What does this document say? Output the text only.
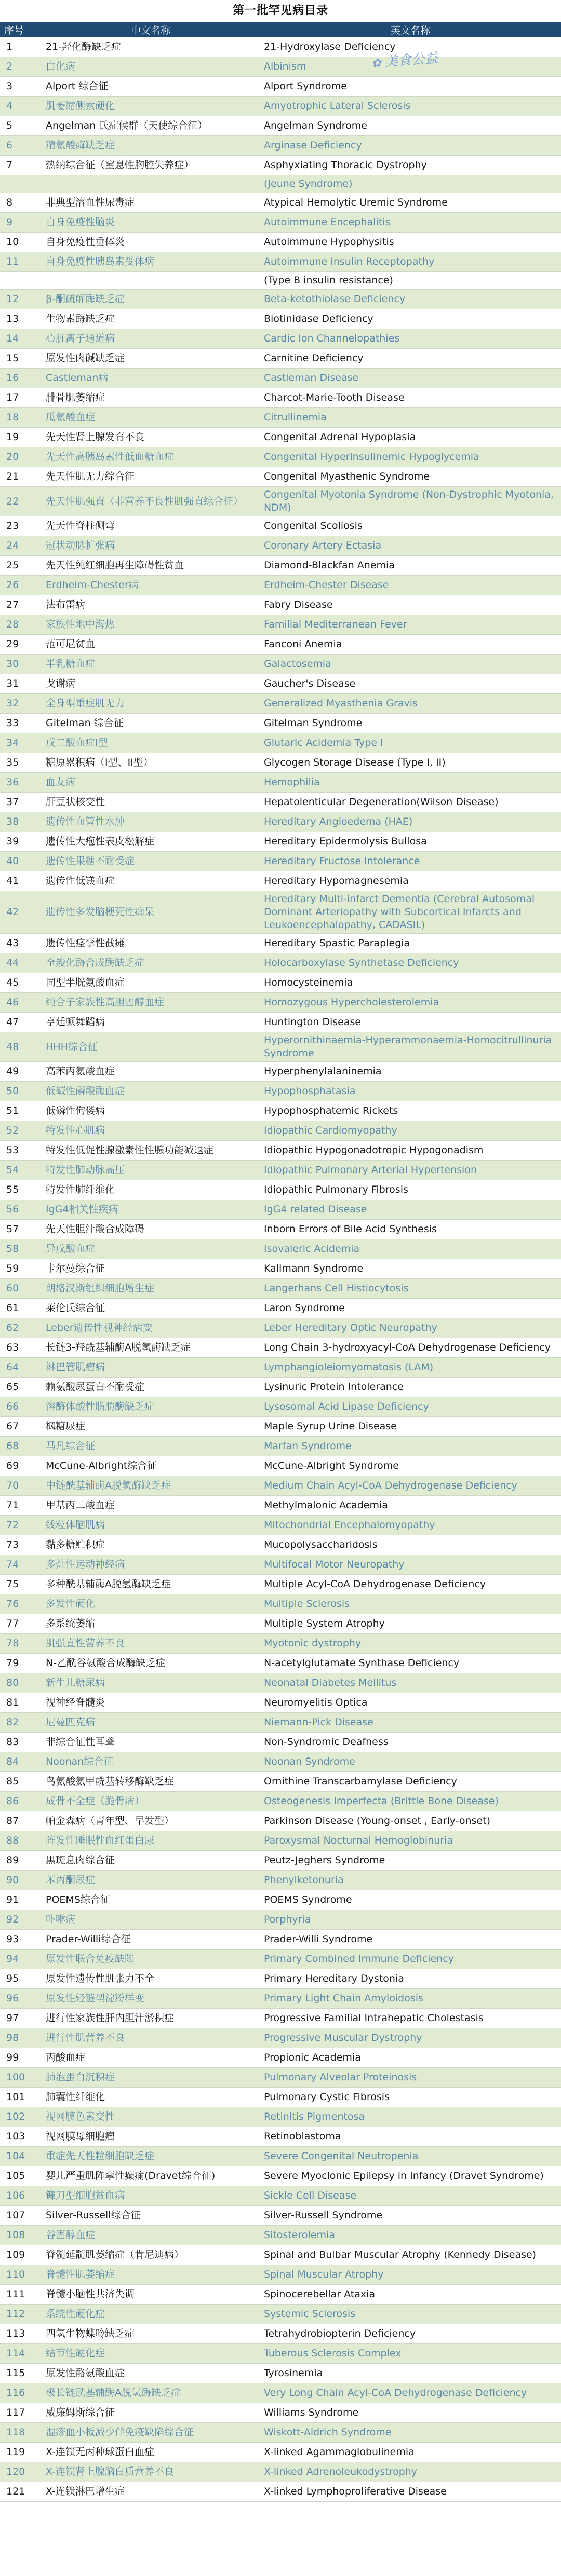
第一批罕见病目录
✿ 美食公益
序号	中文名称	英文名称
1	21-羟化酶缺乏症	21-Hydroxylase Deficiency
2	白化病	Albinism
3	Alport 综合征	Alport Syndrome
4	肌萎缩侧索硬化	Amyotrophic Lateral Sclerosis
5	Angelman 氏症候群（天使综合征）	Angelman Syndrome
6	精氨酸酶缺乏症	Arginase Deficiency
7	热纳综合征（窒息性胸腔失养症）	Asphyxiating Thoracic Dystrophy
		(Jeune Syndrome)
8	非典型溶血性尿毒症	Atypical Hemolytic Uremic Syndrome
9	自身免疫性脑炎	Autoimmune Encephalitis
10	自身免疫性垂体炎	Autoimmune Hypophysitis
11	自身免疫性胰岛素受体病	Autoimmune Insulin Receptopathy
		(Type B insulin resistance)
12	β-酮硫解酶缺乏症	Beta-ketothiolase Deficiency
13	生物素酶缺乏症	Biotinidase Deficiency
14	心脏离子通道病	Cardic Ion Channelopathies
15	原发性肉碱缺乏症	Carnitine Deficiency
16	Castleman病	Castleman Disease
17	腓骨肌萎缩症	Charcot-Marie-Tooth Disease
18	瓜氨酸血症	Citrullinemia
19	先天性肾上腺发育不良	Congenital Adrenal Hypoplasia
20	先天性高胰岛素性低血糖血症	Congenital Hyperinsulinemic Hypoglycemia
21	先天性肌无力综合征	Congenital Myasthenic Syndrome
22	先天性肌强直（非营养不良性肌强直综合征）	Congenital Myotonia Syndrome (Non-Dystrophic Myotonia, NDM)
23	先天性脊柱侧弯	Congenital Scoliosis
24	冠状动脉扩张病	Coronary Artery Ectasia
25	先天性纯红细胞再生障碍性贫血	Diamond-Blackfan Anemia
26	Erdheim-Chester病	Erdheim-Chester Disease
27	法布雷病	Fabry Disease
28	家族性地中海热	Familial Mediterranean Fever
29	范可尼贫血	Fanconi Anemia
30	半乳糖血症	Galactosemia
31	戈谢病	Gaucher's Disease
32	全身型重症肌无力	Generalized Myasthenia Gravis
33	Gitelman 综合征	Gitelman Syndrome
34	戊二酸血症I型	Glutaric Acidemia Type I
35	糖原累积病（I型、II型）	Glycogen Storage Disease (Type I, II)
36	血友病	Hemophilia
37	肝豆状核变性	Hepatolenticular Degeneration(Wilson Disease)
38	遗传性血管性水肿	Hereditary Angioedema (HAE)
39	遗传性大疱性表皮松解症	Hereditary Epidermolysis Bullosa
40	遗传性果糖不耐受症	Hereditary Fructose Intolerance
41	遗传性低镁血症	Hereditary Hypomagnesemia
42	遗传性多发脑梗死性痴呆	Hereditary Multi-infarct Dementia (Cerebral Autosomal Dominant Arteriopathy with Subcortical Infarcts and Leukoencephalopathy, CADASIL)
43	遗传性痉挛性截瘫	Hereditary Spastic Paraplegia
44	全羧化酶合成酶缺乏症	Holocarboxylase Synthetase Deficiency
45	同型半胱氨酸血症	Homocysteinemia
46	纯合子家族性高胆固醇血症	Homozygous Hypercholesterolemia
47	亨廷顿舞蹈病	Huntington Disease
48	HHH综合征	Hyperornithinaemia-Hyperammonaemia-Homocitrullinuria Syndrome
49	高苯丙氨酸血症	Hyperphenylalaninemia
50	低碱性磷酸酶血症	Hypophosphatasia
51	低磷性佝偻病	Hypophosphatemic Rickets
52	特发性心肌病	Idiopathic Cardiomyopathy
53	特发性低促性腺激素性性腺功能减退症	Idiopathic Hypogonadotropic Hypogonadism
54	特发性肺动脉高压	Idiopathic Pulmonary Arterial Hypertension
55	特发性肺纤维化	Idiopathic Pulmonary Fibrosis
56	IgG4相关性疾病	IgG4 related Disease
57	先天性胆汁酸合成障碍	Inborn Errors of Bile Acid Synthesis
58	异戊酸血症	Isovaleric Acidemia
59	卡尔曼综合征	Kallmann Syndrome
60	朗格汉斯组织细胞增生症	Langerhans Cell Histiocytosis
61	莱伦氏综合征	Laron Syndrome
62	Leber遗传性视神经病变	Leber Hereditary Optic Neuropathy
63	长链3-羟酰基辅酶A脱氢酶缺乏症	Long Chain 3-hydroxyacyl-CoA Dehydrogenase Deficiency
64	淋巴管肌瘤病	Lymphangioleiomyomatosis (LAM)
65	赖氨酸尿蛋白不耐受症	Lysinuric Protein Intolerance
66	溶酶体酸性脂肪酶缺乏症	Lysosomal Acid Lipase Deficiency
67	枫糖尿症	Maple Syrup Urine Disease
68	马凡综合征	Marfan Syndrome
69	McCune-Albright综合征	McCune-Albright Syndrome
70	中链酰基辅酶A脱氢酶缺乏症	Medium Chain Acyl-CoA Dehydrogenase Deficiency
71	甲基丙二酸血症	Methylmalonic Academia
72	线粒体脑肌病	Mitochondrial Encephalomyopathy
73	黏多糖贮积症	Mucopolysaccharidosis
74	多灶性运动神经病	Multifocal Motor Neuropathy
75	多种酰基辅酶A脱氢酶缺乏症	Multiple Acyl-CoA Dehydrogenase Deficiency
76	多发性硬化	Multiple Sclerosis
77	多系统萎缩	Multiple System Atrophy
78	肌强直性营养不良	Myotonic dystrophy
79	N-乙酰谷氨酸合成酶缺乏症	N-acetylglutamate Synthase Deficiency
80	新生儿糖尿病	Neonatal Diabetes Mellitus
81	视神经脊髓炎	Neuromyelitis Optica
82	尼曼匹克病	Niemann-Pick Disease
83	非综合征性耳聋	Non-Syndromic Deafness
84	Noonan综合征	Noonan Syndrome
85	鸟氨酸氨甲酰基转移酶缺乏症	Ornithine Transcarbamylase Deficiency
86	成骨不全症（脆骨病）	Osteogenesis Imperfecta (Brittle Bone Disease)
87	帕金森病（青年型、早发型）	Parkinson Disease (Young-onset , Early-onset)
88	阵发性睡眠性血红蛋白尿	Paroxysmal Nocturnal Hemoglobinuria
89	黑斑息肉综合征	Peutz-Jeghers Syndrome
90	苯丙酮尿症	Phenylketonuria
91	POEMS综合征	POEMS Syndrome
92	卟啉病	Porphyria
93	Prader-Willi综合征	Prader-Willi Syndrome
94	原发性联合免疫缺陷	Primary Combined Immune Deficiency
95	原发性遗传性肌张力不全	Primary Hereditary Dystonia
96	原发性轻链型淀粉样变	Primary Light Chain Amyloidosis
97	进行性家族性肝内胆汁淤积症	Progressive Familial Intrahepatic Cholestasis
98	进行性肌营养不良	Progressive Muscular Dystrophy
99	丙酸血症	Propionic Academia
100	肺泡蛋白沉积症	Pulmonary Alveolar Proteinosis
101	肺囊性纤维化	Pulmonary Cystic Fibrosis
102	视网膜色素变性	Retinitis Pigmentosa
103	视网膜母细胞瘤	Retinoblastoma
104	重症先天性粒细胞缺乏症	Severe Congenital Neutropenia
105	婴儿严重肌阵挛性癫痫(Dravet综合征)	Severe Myoclonic Epilepsy in Infancy (Dravet Syndrome)
106	镰刀型细胞贫血病	Sickle Cell Disease
107	Silver-Russell综合征	Silver-Russell Syndrome
108	谷固醇血症	Sitosterolemia
109	脊髓延髓肌萎缩症（肯尼迪病）	Spinal and Bulbar Muscular Atrophy (Kennedy Disease)
110	脊髓性肌萎缩症	Spinal Muscular Atrophy
111	脊髓小脑性共济失调	Spinocerebellar Ataxia
112	系统性硬化症	Systemic Sclerosis
113	四氢生物蝶呤缺乏症	Tetrahydrobiopterin Deficiency
114	结节性硬化症	Tuberous Sclerosis Complex
115	原发性酪氨酸血症	Tyrosinemia
116	极长链酰基辅酶A脱氢酶缺乏症	Very Long Chain Acyl-CoA Dehydrogenase Deficiency
117	威廉姆斯综合征	Williams Syndrome
118	湿疹血小板减少伴免疫缺陷综合征	Wiskott-Aldrich Syndrome
119	X-连锁无丙种球蛋白血症	X-linked Agammaglobulinemia
120	X-连锁肾上腺脑白质营养不良	X-linked Adrenoleukodystrophy
121	X-连锁淋巴增生症	X-linked Lymphoproliferative Disease
